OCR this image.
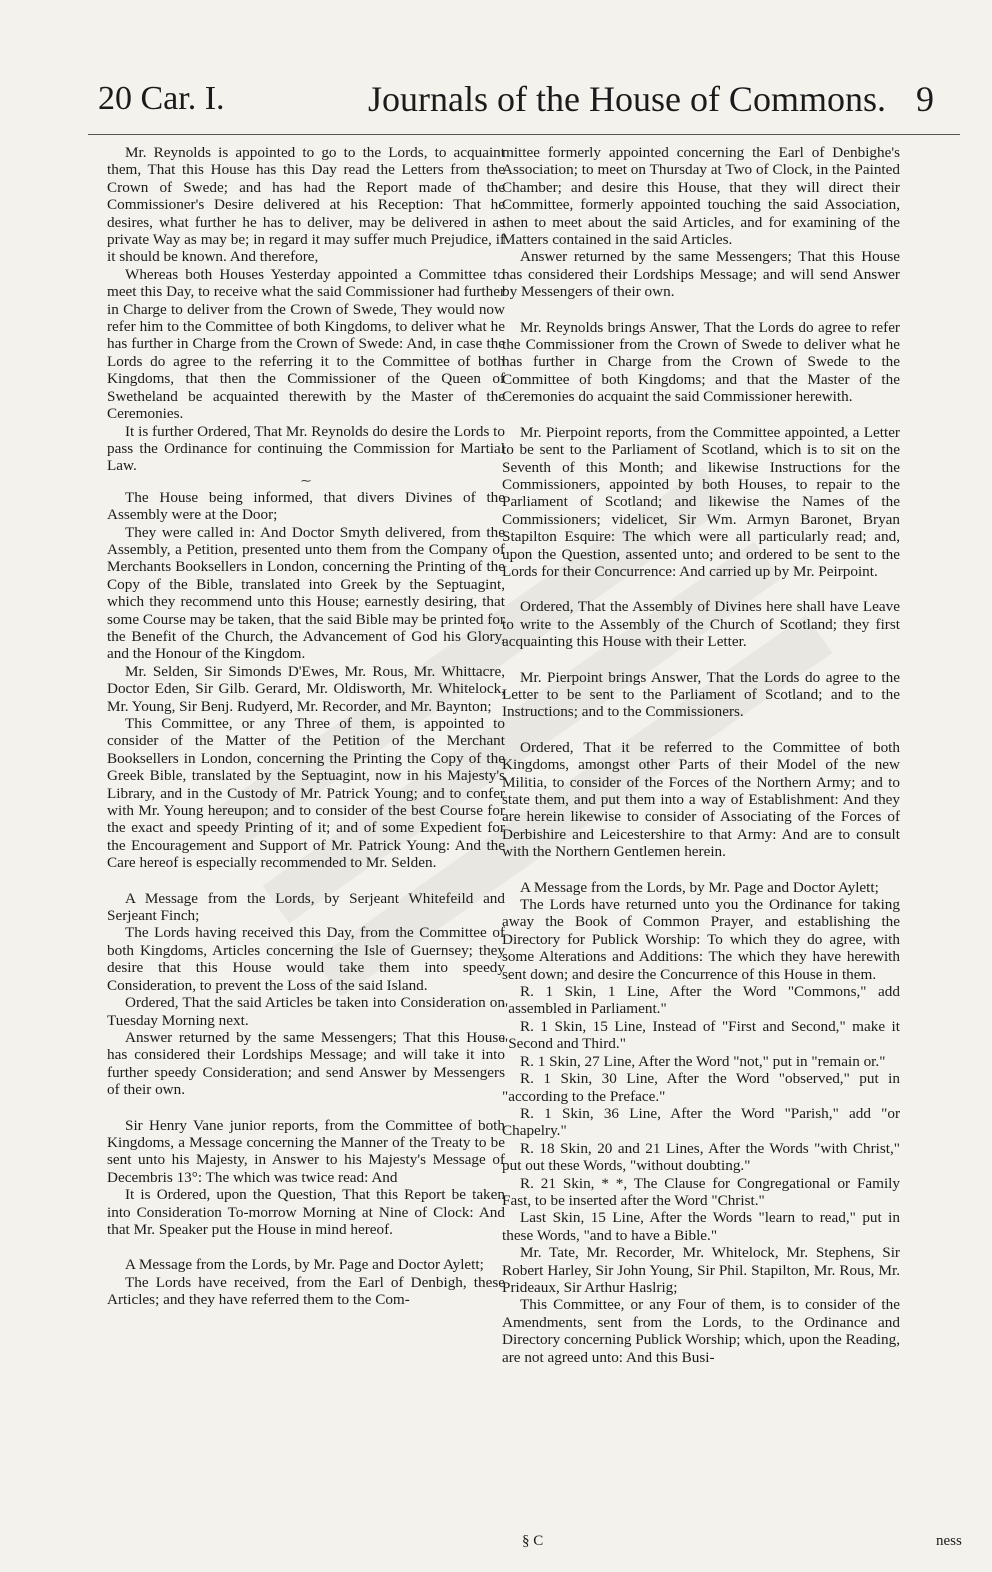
20 Car. I.	Journals of the House of Commons. 9

Mr. Reynolds is appointed to go to the Lords, to acquaint them, That this House has this Day read the Letters from the Crown of Swede; and has had the Report made of the Commissioner's Desire delivered at his Reception: That he desires, what further he has to deliver, may be delivered in as private Way as may be; in regard it may suffer much Prejudice, if it should be known. And therefore,

Whereas both Houses Yesterday appointed a Committee to meet this Day, to receive what the said Commissioner had further in Charge to deliver from the Crown of Swede, They would now refer him to the Committee of both Kingdoms, to deliver what he has further in Charge from the Crown of Swede: And, in case the Lords do agree to the referring it to the Committee of both Kingdoms, that then the Commissioner of the Queen of Swetheland be acquainted therewith by the Master of the Ceremonies.

It is further Ordered, That Mr. Reynolds do desire the Lords to pass the Ordinance for continuing the Commission for Martial Law.

⁓

The House being informed, that divers Divines of the Assembly were at the Door;

They were called in: And Doctor Smyth delivered, from the Assembly, a Petition, presented unto them from the Company of Merchants Booksellers in London, concerning the Printing of the Copy of the Bible, translated into Greek by the Septuagint, which they recommend unto this House; earnestly desiring, that some Course may be taken, that the said Bible may be printed for the Benefit of the Church, the Advancement of God his Glory, and the Honour of the Kingdom.

Mr. Selden, Sir Simonds D'Ewes, Mr. Rous, Mr. Whittacre, Doctor Eden, Sir Gilb. Gerard, Mr. Oldisworth, Mr. Whitelock, Mr. Young, Sir Benj. Rudyerd, Mr. Recorder, and Mr. Baynton;

This Committee, or any Three of them, is appointed to consider of the Matter of the Petition of the Merchant Booksellers in London, concerning the Printing the Copy of the Greek Bible, translated by the Septuagint, now in his Majesty's Library, and in the Custody of Mr. Patrick Young; and to confer with Mr. Young hereupon; and to consider of the best Course for the exact and speedy Printing of it; and of some Expedient for the Encouragement and Support of Mr. Patrick Young: And the Care hereof is especially recommended to Mr. Selden.

A Message from the Lords, by Serjeant Whitefeild and Serjeant Finch;

The Lords having received this Day, from the Committee of both Kingdoms, Articles concerning the Isle of Guernsey; they desire that this House would take them into speedy Consideration, to prevent the Loss of the said Island.

Ordered, That the said Articles be taken into Consideration on Tuesday Morning next.

Answer returned by the same Messengers; That this House has considered their Lordships Message; and will take it into further speedy Consideration; and send Answer by Messengers of their own.

Sir Henry Vane junior reports, from the Committee of both Kingdoms, a Message concerning the Manner of the Treaty to be sent unto his Majesty, in Answer to his Majesty's Message of Decembris 13°: The which was twice read: And

It is Ordered, upon the Question, That this Report be taken into Consideration To-morrow Morning at Nine of Clock: And that Mr. Speaker put the House in mind hereof.

A Message from the Lords, by Mr. Page and Doctor Aylett;

The Lords have received, from the Earl of Denbigh, these Articles; and they have referred them to the Com-

mittee formerly appointed concerning the Earl of Denbighe's Association; to meet on Thursday at Two of Clock, in the Painted Chamber; and desire this House, that they will direct their Committee, formerly appointed touching the said Association, then to meet about the said Articles, and for examining of the Matters contained in the said Articles.

Answer returned by the same Messengers; That this House has considered their Lordships Message; and will send Answer by Messengers of their own.

Mr. Reynolds brings Answer, That the Lords do agree to refer the Commissioner from the Crown of Swede to deliver what he has further in Charge from the Crown of Swede to the Committee of both Kingdoms; and that the Master of the Ceremonies do acquaint the said Commissioner herewith.

Mr. Pierpoint reports, from the Committee appointed, a Letter to be sent to the Parliament of Scotland, which is to sit on the Seventh of this Month; and likewise Instructions for the Commissioners, appointed by both Houses, to repair to the Parliament of Scotland; and likewise the Names of the Commissioners; videlicet, Sir Wm. Armyn Baronet, Bryan Stapilton Esquire: The which were all particularly read; and, upon the Question, assented unto; and ordered to be sent to the Lords for their Concurrence: And carried up by Mr. Peirpoint.

Ordered, That the Assembly of Divines here shall have Leave to write to the Assembly of the Church of Scotland; they first acquainting this House with their Letter.

Mr. Pierpoint brings Answer, That the Lords do agree to the Letter to be sent to the Parliament of Scotland; and to the Instructions; and to the Commissioners.

Ordered, That it be referred to the Committee of both Kingdoms, amongst other Parts of their Model of the new Militia, to consider of the Forces of the Northern Army; and to state them, and put them into a way of Establishment: And they are herein likewise to consider of Associating of the Forces of Derbishire and Leicestershire to that Army: And are to consult with the Northern Gentlemen herein.

A Message from the Lords, by Mr. Page and Doctor Aylett;

The Lords have returned unto you the Ordinance for taking away the Book of Common Prayer, and establishing the Directory for Publick Worship: To which they do agree, with some Alterations and Additions: The which they have herewith sent down; and desire the Concurrence of this House in them.

R. 1 Skin, 1 Line, After the Word "Commons," add "assembled in Parliament."

R. 1 Skin, 15 Line, Instead of "First and Second," make it "Second and Third."

R. 1 Skin, 27 Line, After the Word "not," put in "remain or."

R. 1 Skin, 30 Line, After the Word "observed," put in "according to the Preface."

R. 1 Skin, 36 Line, After the Word "Parish," add "or Chapelry."

R. 18 Skin, 20 and 21 Lines, After the Words "with Christ," put out these Words, "without doubting."

R. 21 Skin, * *, The Clause for Congregational or Family Fast, to be inserted after the Word "Christ."

Last Skin, 15 Line, After the Words "learn to read," put in these Words, "and to have a Bible."

Mr. Tate, Mr. Recorder, Mr. Whitelock, Mr. Stephens, Sir Robert Harley, Sir John Young, Sir Phil. Stapilton, Mr. Rous, Mr. Prideaux, Sir Arthur Haslrig;

This Committee, or any Four of them, is to consider of the Amendments, sent from the Lords, to the Ordinance and Directory concerning Publick Worship; which, upon the Reading, are not agreed unto: And this Busi-

§ C	ness
